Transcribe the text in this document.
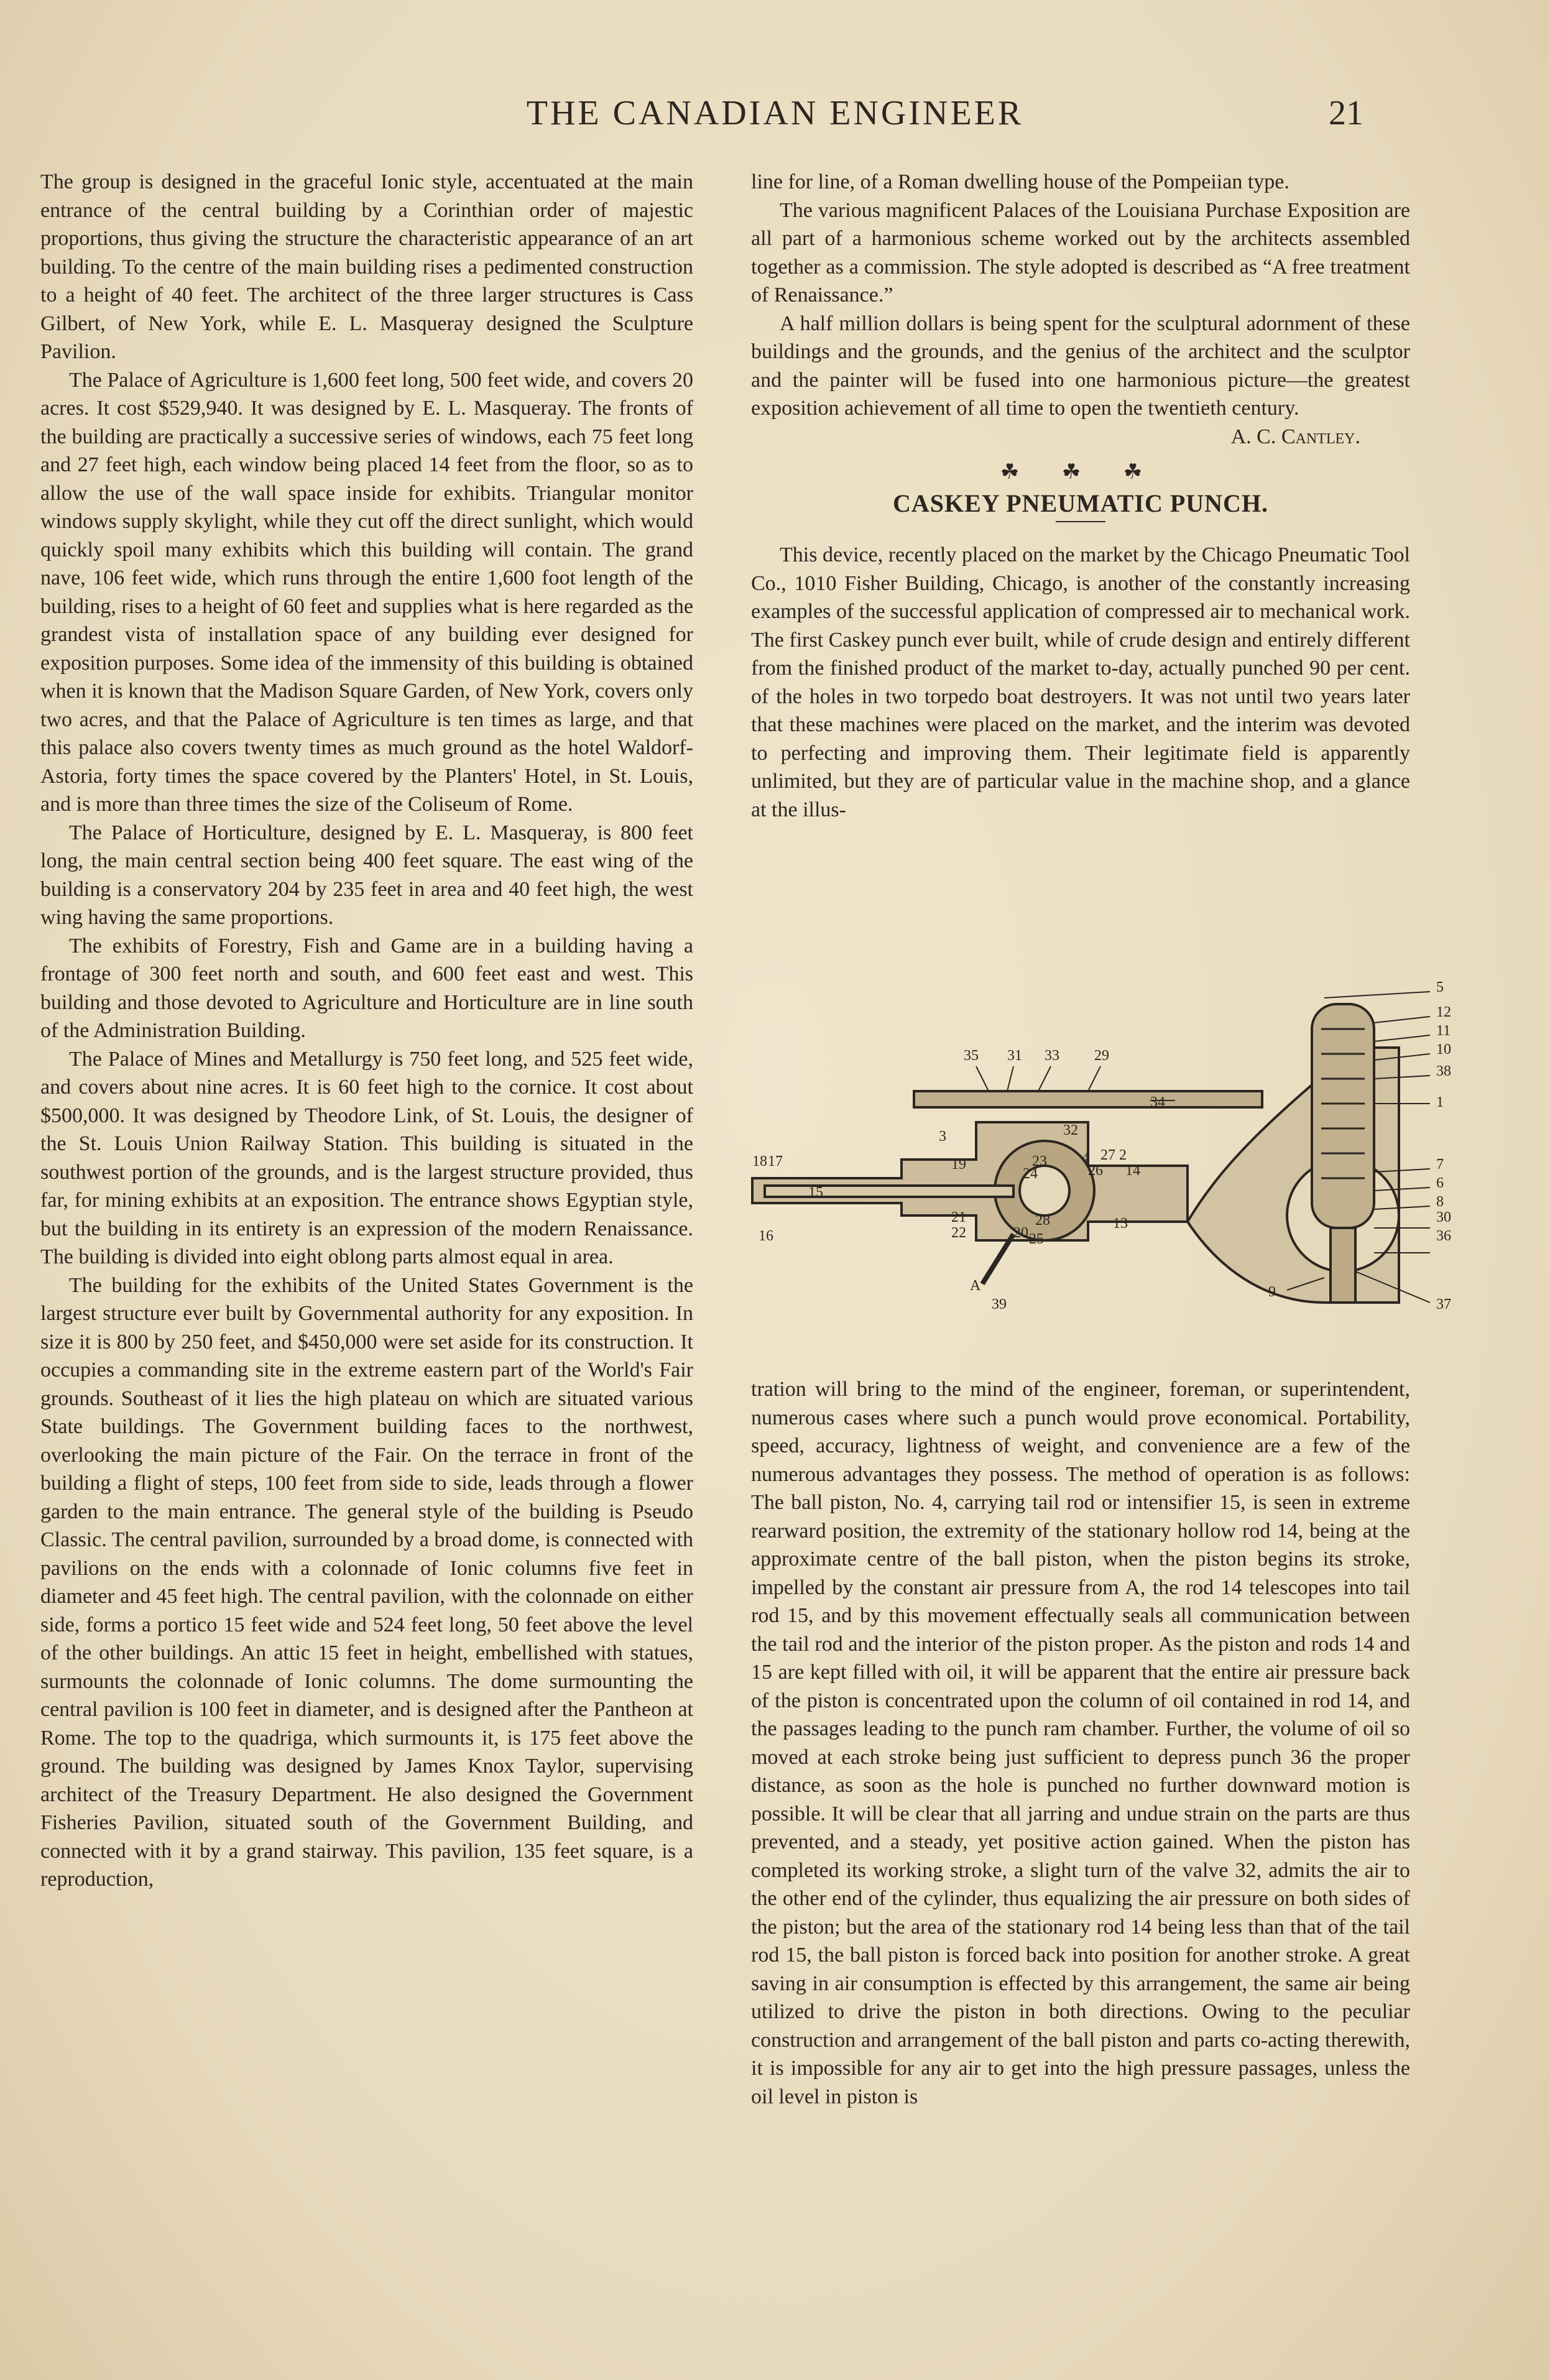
THE CANADIAN ENGINEER	21

The group is designed in the graceful Ionic style, accentuated at the main entrance of the central building by a Corinthian order of majestic proportions, thus giving the structure the characteristic appearance of an art building. To the centre of the main building rises a pedimented construction to a height of 40 feet. The architect of the three larger structures is Cass Gilbert, of New York, while E. L. Masqueray designed the Sculpture Pavilion.

The Palace of Agriculture is 1,600 feet long, 500 feet wide, and covers 20 acres. It cost $529,940. It was designed by E. L. Masqueray. The fronts of the building are practically a successive series of windows, each 75 feet long and 27 feet high, each window being placed 14 feet from the floor, so as to allow the use of the wall space inside for exhibits. Triangular monitor windows supply skylight, while they cut off the direct sunlight, which would quickly spoil many exhibits which this building will contain. The grand nave, 106 feet wide, which runs through the entire 1,600 foot length of the building, rises to a height of 60 feet and supplies what is here regarded as the grandest vista of installation space of any building ever designed for exposition purposes. Some idea of the immensity of this building is obtained when it is known that the Madison Square Garden, of New York, covers only two acres, and that the Palace of Agriculture is ten times as large, and that this palace also covers twenty times as much ground as the hotel Waldorf-Astoria, forty times the space covered by the Planters' Hotel, in St. Louis, and is more than three times the size of the Coliseum of Rome.

The Palace of Horticulture, designed by E. L. Masqueray, is 800 feet long, the main central section being 400 feet square. The east wing of the building is a conservatory 204 by 235 feet in area and 40 feet high, the west wing having the same proportions.

The exhibits of Forestry, Fish and Game are in a building having a frontage of 300 feet north and south, and 600 feet east and west. This building and those devoted to Agriculture and Horticulture are in line south of the Administration Building.

The Palace of Mines and Metallurgy is 750 feet long, and 525 feet wide, and covers about nine acres. It is 60 feet high to the cornice. It cost about $500,000. It was designed by Theodore Link, of St. Louis, the designer of the St. Louis Union Railway Station. This building is situated in the southwest portion of the grounds, and is the largest structure provided, thus far, for mining exhibits at an exposition. The entrance shows Egyptian style, but the building in its entirety is an expression of the modern Renaissance. The building is divided into eight oblong parts almost equal in area.

The building for the exhibits of the United States Government is the largest structure ever built by Governmental authority for any exposition. In size it is 800 by 250 feet, and $450,000 were set aside for its construction. It occupies a commanding site in the extreme eastern part of the World's Fair grounds. Southeast of it lies the high plateau on which are situated various State buildings. The Government building faces to the northwest, overlooking the main picture of the Fair. On the terrace in front of the building a flight of steps, 100 feet from side to side, leads through a flower garden to the main entrance. The general style of the building is Pseudo Classic. The central pavilion, surrounded by a broad dome, is connected with pavilions on the ends with a colonnade of Ionic columns five feet in diameter and 45 feet high. The central pavilion, with the colonnade on either side, forms a portico 15 feet wide and 524 feet long, 50 feet above the level of the other buildings. An attic 15 feet in height, embellished with statues, surmounts the colonnade of Ionic columns. The dome surmounting the central pavilion is 100 feet in diameter, and is designed after the Pantheon at Rome. The top to the quadriga, which surmounts it, is 175 feet above the ground. The building was designed by James Knox Taylor, supervising architect of the Treasury Department. He also designed the Government Fisheries Pavilion, situated south of the Government Building, and connected with it by a grand stairway. This pavilion, 135 feet square, is a reproduction,

line for line, of a Roman dwelling house of the Pompeiian type.

The various magnificent Palaces of the Louisiana Purchase Exposition are all part of a harmonious scheme worked out by the architects assembled together as a commission. The style adopted is described as “A free treatment of Renaissance.”

A half million dollars is being spent for the sculptural adornment of these buildings and the grounds, and the genius of the architect and the sculptor and the painter will be fused into one harmonious picture—the greatest exposition achievement of all time to open the twentieth century.

A. C. Cantley.

☘ ☘ ☘
CASKEY PNEUMATIC PUNCH.

This device, recently placed on the market by the Chicago Pneumatic Tool Co., 1010 Fisher Building, Chicago, is another of the constantly increasing examples of the successful application of compressed air to mechanical work. The first Caskey punch ever built, while of crude design and entirely different from the finished product of the market to-day, actually punched 90 per cent. of the holes in two torpedo boat destroyers. It was not until two years later that these machines were placed on the market, and the interim was devoted to perfecting and improving them. Their legitimate field is apparently unlimited, but they are of particular value in the machine shop, and a glance at the illus-

35 31 33 29
34
32
3
4 27 2
26 14
23
24
19
18 17
15
16
21
22	20 25
28	13
A
39
5
12
11
10
38
1
7
6
8
30
36
9
37

tration will bring to the mind of the engineer, foreman, or superintendent, numerous cases where such a punch would prove economical. Portability, speed, accuracy, lightness of weight, and convenience are a few of the numerous advantages they possess. The method of operation is as follows: The ball piston, No. 4, carrying tail rod or intensifier 15, is seen in extreme rearward position, the extremity of the stationary hollow rod 14, being at the approximate centre of the ball piston, when the piston begins its stroke, impelled by the constant air pressure from A, the rod 14 telescopes into tail rod 15, and by this movement effectually seals all communication between the tail rod and the interior of the piston proper. As the piston and rods 14 and 15 are kept filled with oil, it will be apparent that the entire air pressure back of the piston is concentrated upon the column of oil contained in rod 14, and the passages leading to the punch ram chamber. Further, the volume of oil so moved at each stroke being just sufficient to depress punch 36 the proper distance, as soon as the hole is punched no further downward motion is possible. It will be clear that all jarring and undue strain on the parts are thus prevented, and a steady, yet positive action gained. When the piston has completed its working stroke, a slight turn of the valve 32, admits the air to the other end of the cylinder, thus equalizing the air pressure on both sides of the piston; but the area of the stationary rod 14 being less than that of the tail rod 15, the ball piston is forced back into position for another stroke. A great saving in air consumption is effected by this arrangement, the same air being utilized to drive the piston in both directions. Owing to the peculiar construction and arrangement of the ball piston and parts co-acting therewith, it is impossible for any air to get into the high pressure passages, unless the oil level in piston is
